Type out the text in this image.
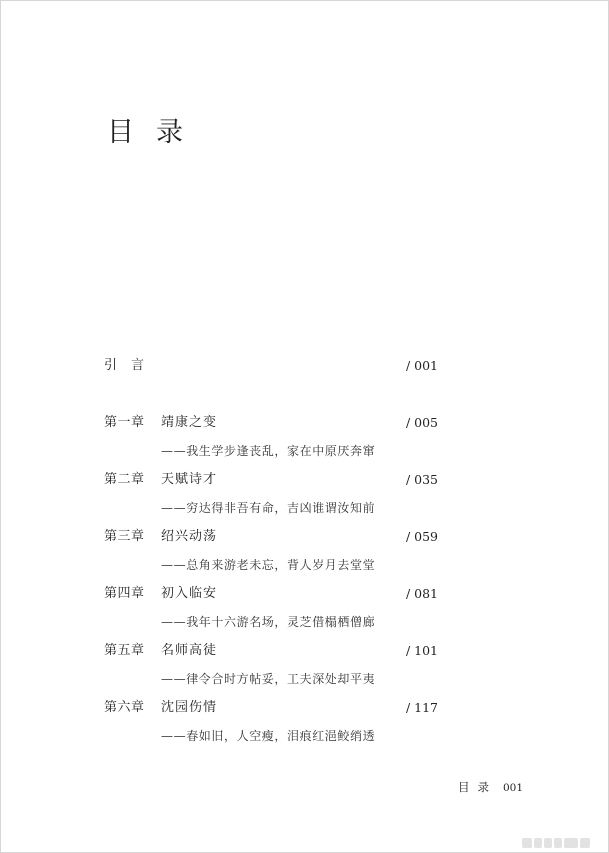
目录
引言	/ 001
第一章 靖康之变	/ 005
——我生学步逢丧乱，家在中原厌奔窜
第二章 天赋诗才	/ 035
——穷达得非吾有命，吉凶谁谓汝知前
第三章 绍兴动荡	/ 059
——总角来游老未忘，背人岁月去堂堂
第四章 初入临安	/ 081
——我年十六游名场，灵芝借榻栖僧廊
第五章 名师高徒	/ 101
——律令合时方帖妥，工夫深处却平夷
第六章 沈园伤情	/ 117
——春如旧，人空瘦，泪痕红浥鲛绡透
目录 001
